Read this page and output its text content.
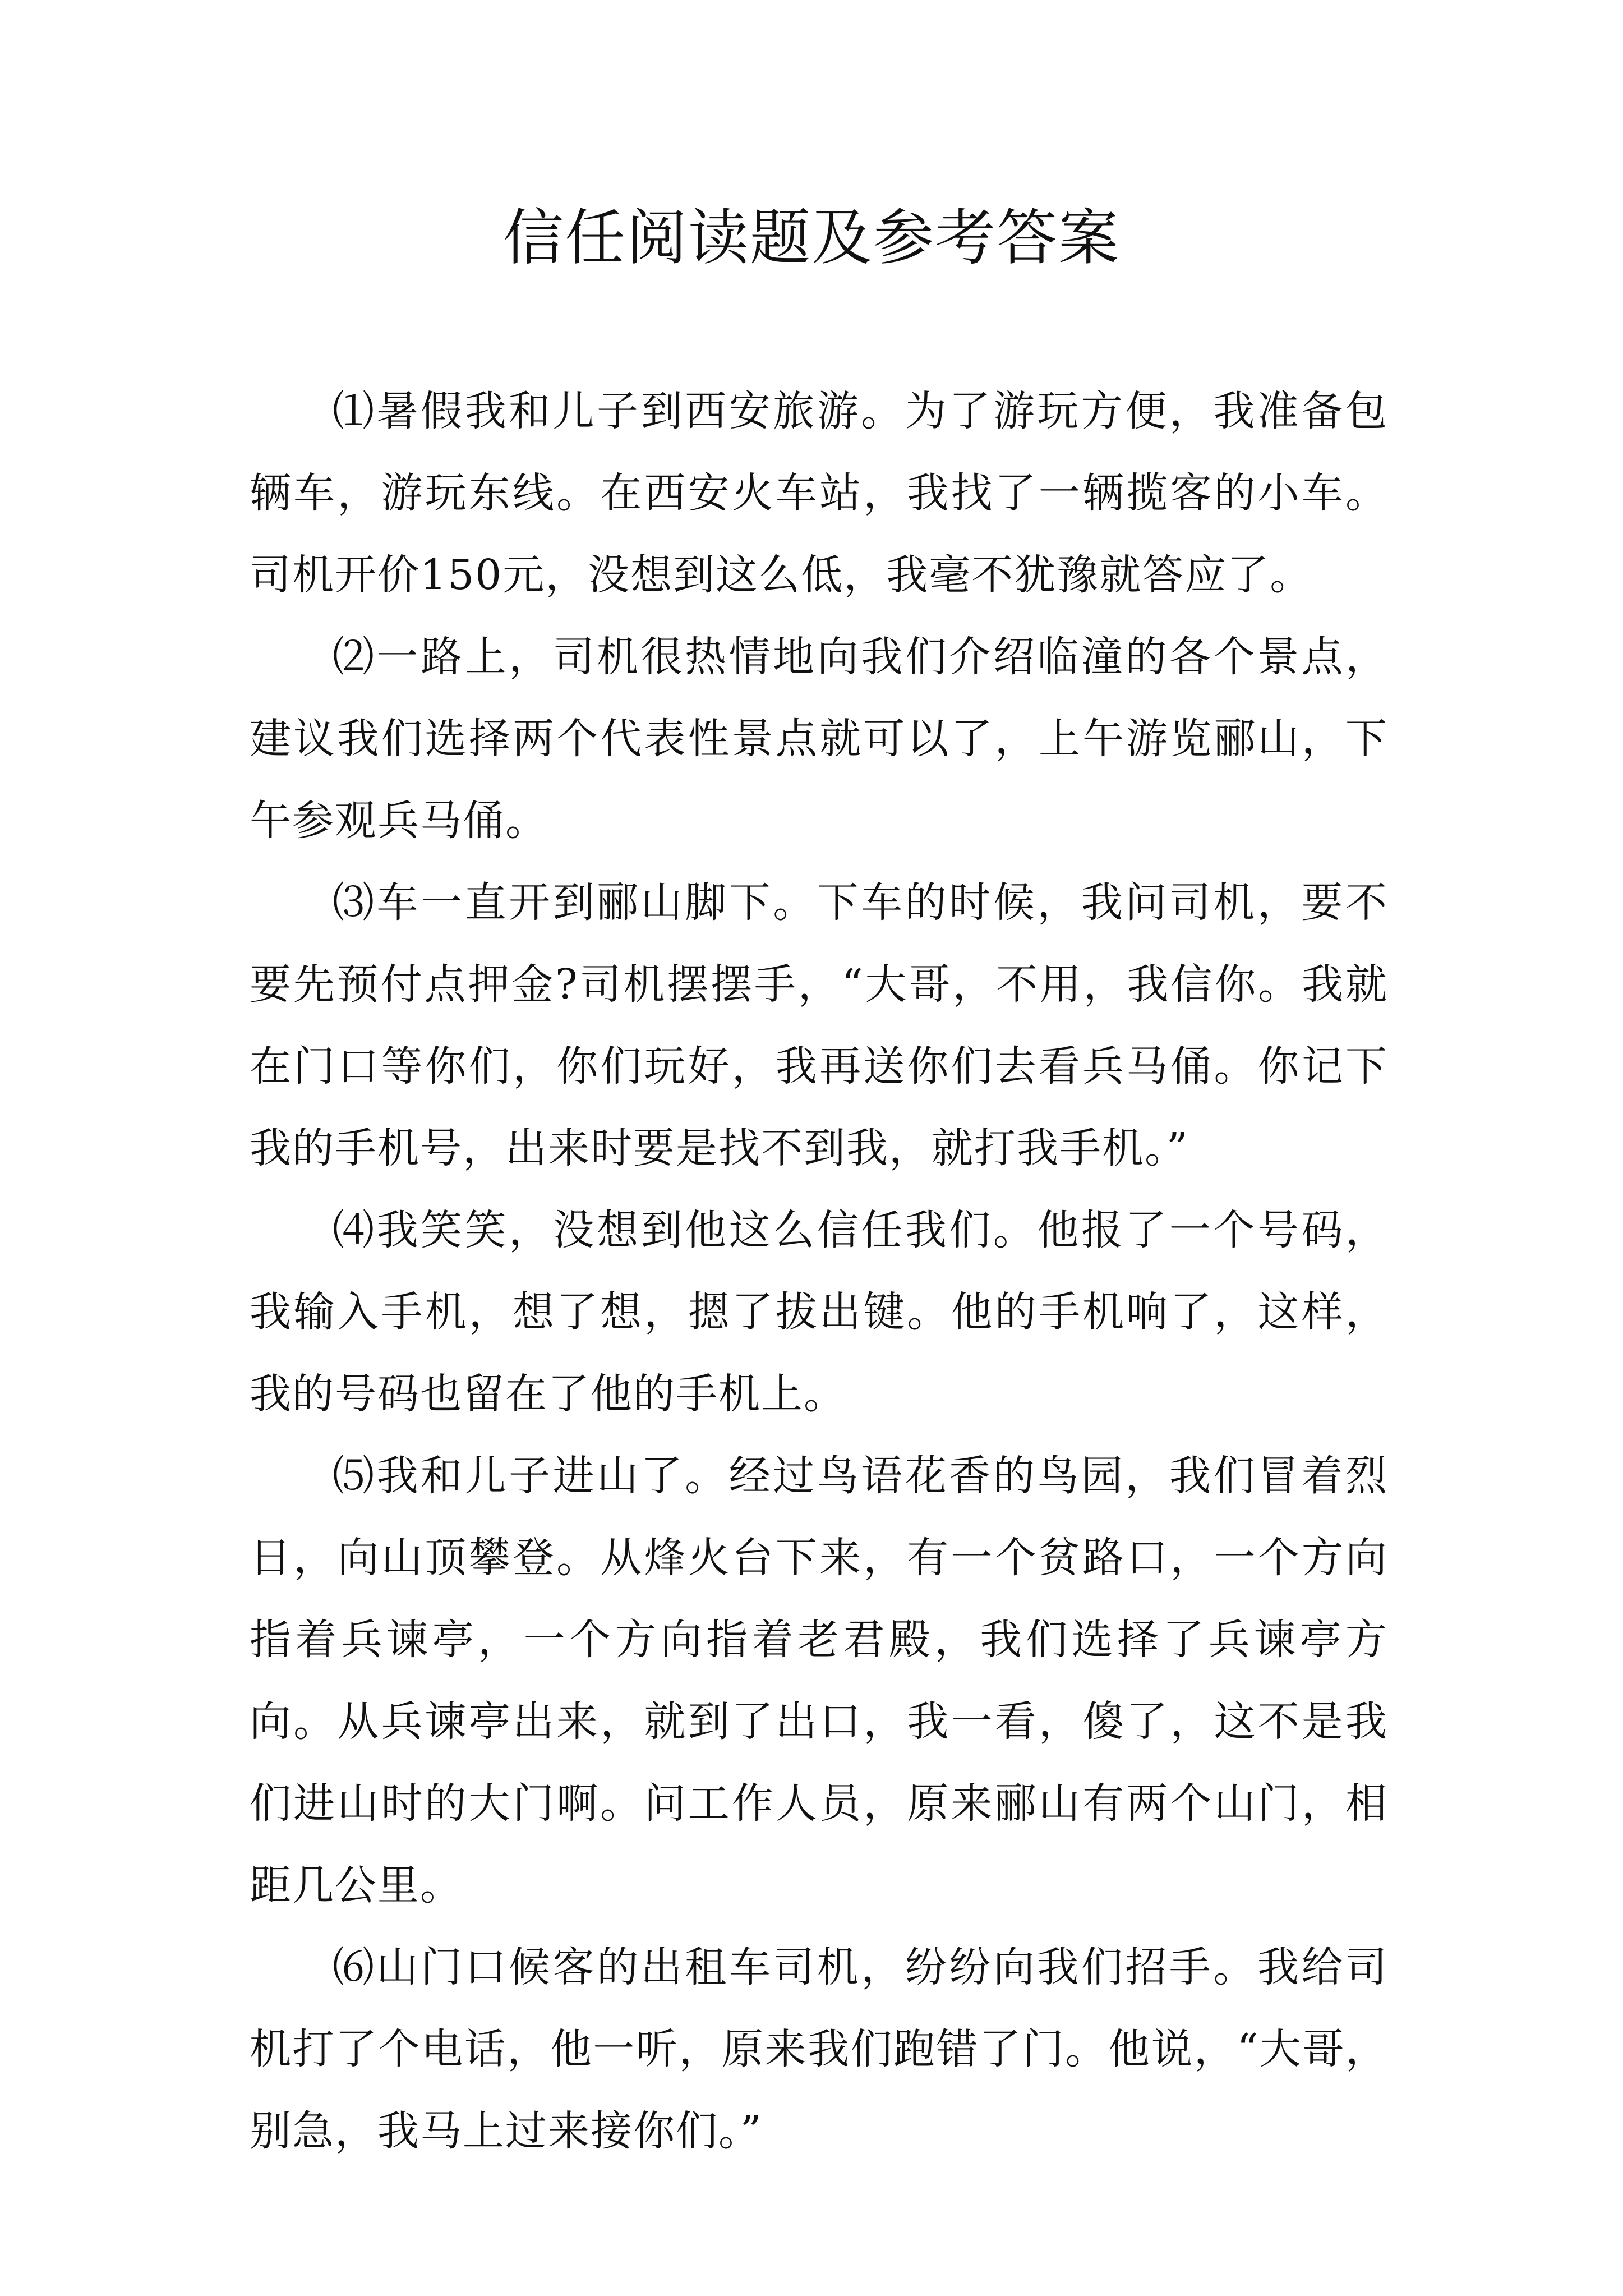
信任阅读题及参考答案

⑴暑假我和儿子到西安旅游。为了游玩方便，我准备包辆车，游玩东线。在西安火车站，我找了一辆揽客的小车。司机开价150元，没想到这么低，我毫不犹豫就答应了。

⑵一路上，司机很热情地向我们介绍临潼的各个景点，建议我们选择两个代表性景点就可以了，上午游览郦山，下午参观兵马俑。

⑶车一直开到郦山脚下。下车的时候，我问司机，要不要先预付点押金?司机摆摆手，“大哥，不用，我信你。我就在门口等你们，你们玩好，我再送你们去看兵马俑。你记下我的手机号，出来时要是找不到我，就打我手机。”

⑷我笑笑，没想到他这么信任我们。他报了一个号码，我输入手机，想了想，摁了拔出键。他的手机响了，这样，我的号码也留在了他的手机上。

⑸我和儿子进山了。经过鸟语花香的鸟园，我们冒着烈日，向山顶攀登。从烽火台下来，有一个贫路口，一个方向指着兵谏亭，一个方向指着老君殿，我们选择了兵谏亭方向。从兵谏亭出来，就到了出口，我一看，傻了，这不是我们进山时的大门啊。问工作人员，原来郦山有两个山门，相距几公里。

⑹山门口候客的出租车司机，纷纷向我们招手。我给司机打了个电话，他一听，原来我们跑错了门。他说，“大哥，别急，我马上过来接你们。”
